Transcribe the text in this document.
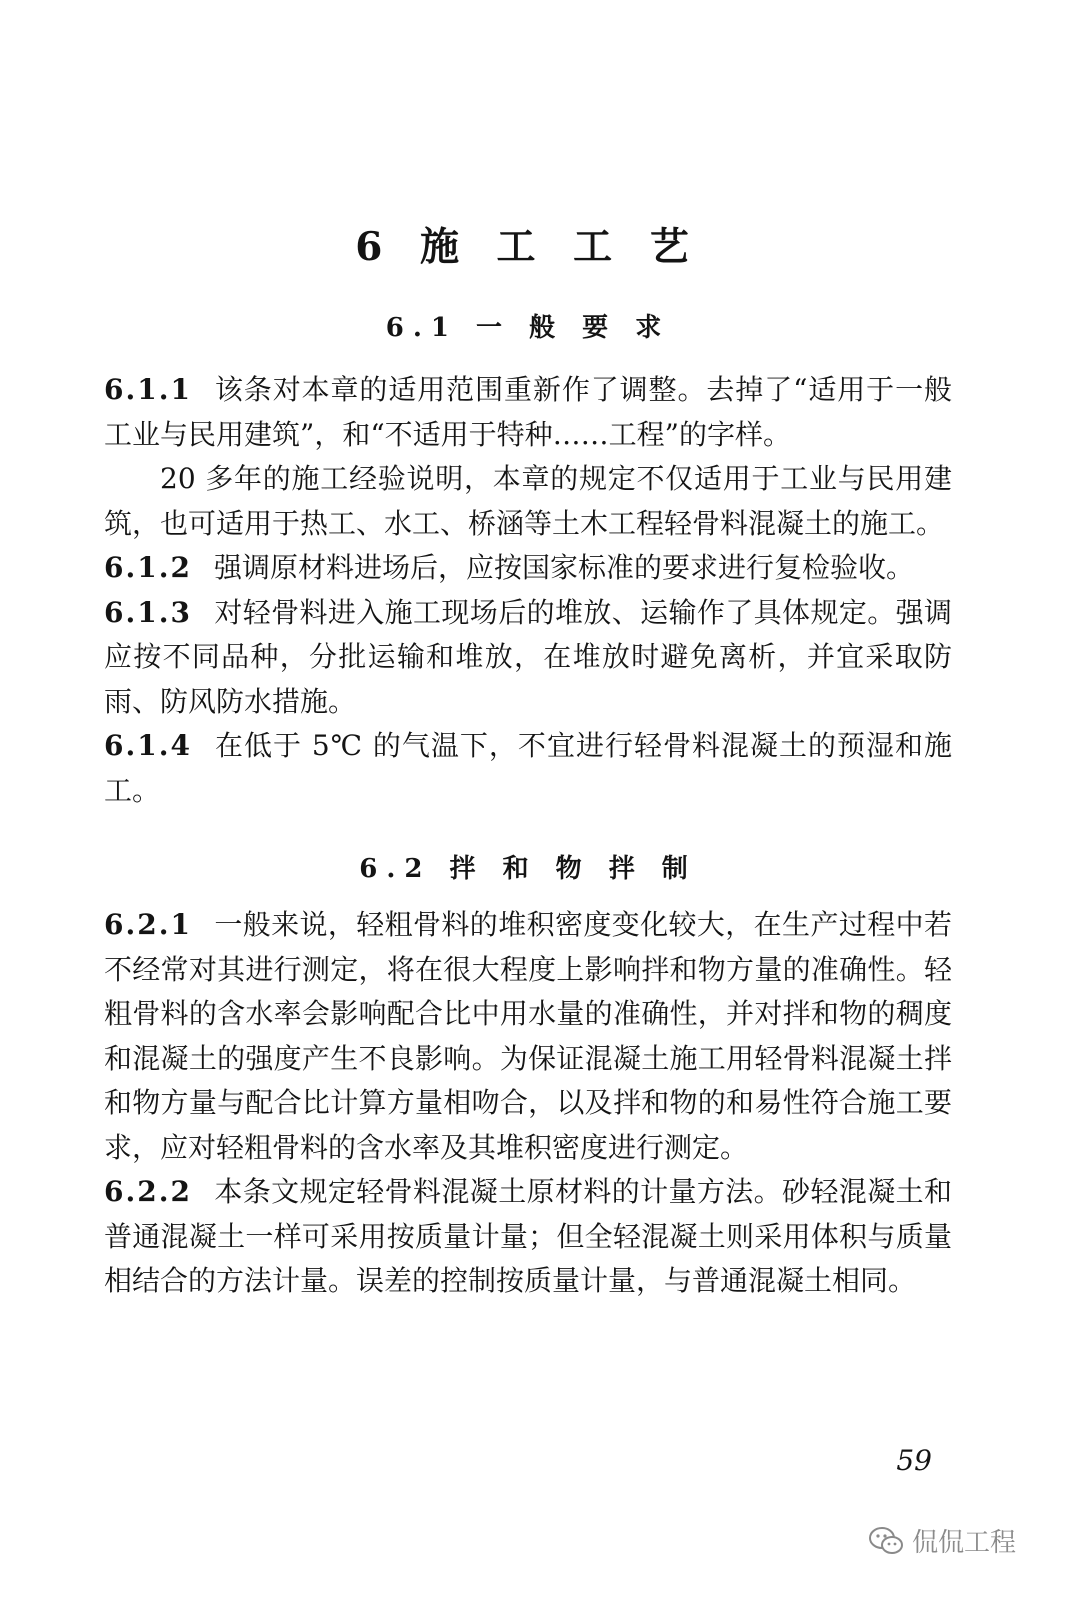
6 施 工 工 艺
6.1 一 般 要 求

6.1.1 该条对本章的适用范围重新作了调整。去掉了“适用于一般工业与民用建筑”，和“不适用于特种……工程”的字样。

20 多年的施工经验说明，本章的规定不仅适用于工业与民用建筑，也可适用于热工、水工、桥涵等土木工程轻骨料混凝土的施工。

6.1.2 强调原材料进场后，应按国家标准的要求进行复检验收。

6.1.3 对轻骨料进入施工现场后的堆放、运输作了具体规定。强调应按不同品种，分批运输和堆放，在堆放时避免离析，并宜采取防雨、防风防水措施。

6.1.4 在低于 5℃ 的气温下，不宜进行轻骨料混凝土的预湿和施工。

6.2 拌 和 物 拌 制

6.2.1 一般来说，轻粗骨料的堆积密度变化较大，在生产过程中若不经常对其进行测定，将在很大程度上影响拌和物方量的准确性。轻粗骨料的含水率会影响配合比中用水量的准确性，并对拌和物的稠度和混凝土的强度产生不良影响。为保证混凝土施工用轻骨料混凝土拌和物方量与配合比计算方量相吻合，以及拌和物的和易性符合施工要求，应对轻粗骨料的含水率及其堆积密度进行测定。

6.2.2 本条文规定轻骨料混凝土原材料的计量方法。砂轻混凝土和普通混凝土一样可采用按质量计量；但全轻混凝土则采用体积与质量相结合的方法计量。误差的控制按质量计量，与普通混凝土相同。

59
侃侃工程
